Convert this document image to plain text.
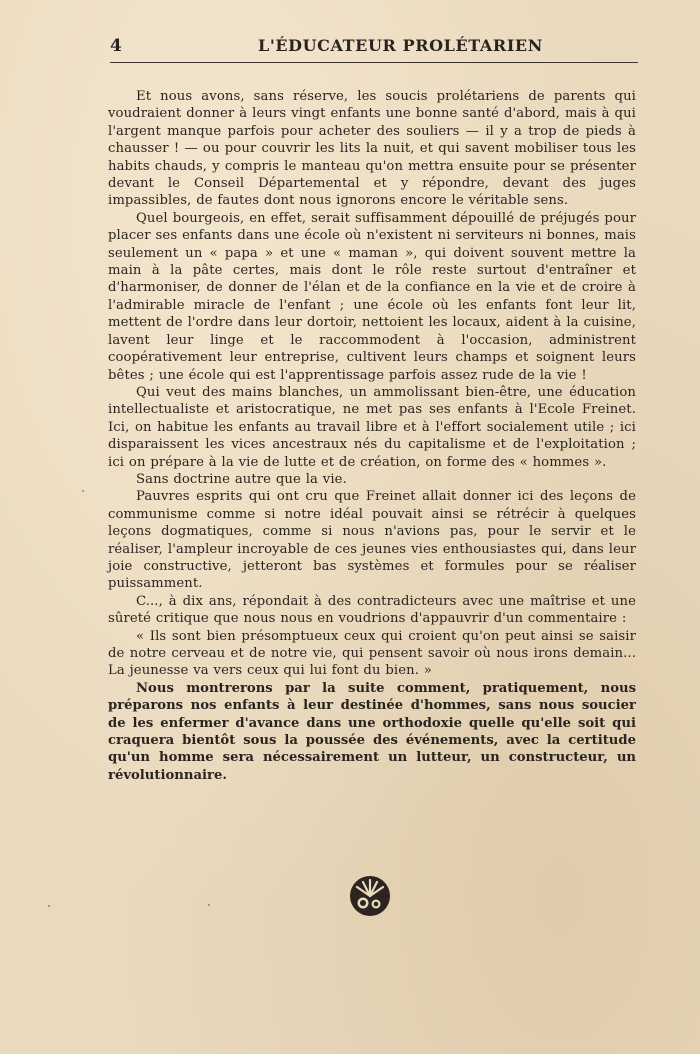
4	L'ÉDUCATEUR PROLÉTARIEN

Et nous avons, sans réserve, les soucis prolétariens de parents qui voudraient donner à leurs vingt enfants une bonne santé d'abord, mais à qui l'argent manque parfois pour acheter des souliers — il y a trop de pieds à chausser ! — ou pour couvrir les lits la nuit, et qui savent mobiliser tous les habits chauds, y compris le manteau qu'on mettra ensuite pour se présenter devant le Conseil Départemental et y répondre, devant des juges impassibles, de fautes dont nous ignorons encore le véritable sens.

Quel bourgeois, en effet, serait suffisamment dépouillé de préjugés pour placer ses enfants dans une école où n'existent ni serviteurs ni bonnes, mais seulement un « papa » et une « maman », qui doivent souvent mettre la main à la pâte certes, mais dont le rôle reste surtout d'entraîner et d'harmoniser, de donner de l'élan et de la confiance en la vie et de croire à l'admirable miracle de l'enfant ; une école où les enfants font leur lit, mettent de l'ordre dans leur dortoir, nettoient les locaux, aident à la cuisine, lavent leur linge et le raccommodent à l'occasion, administrent coopérativement leur entreprise, cultivent leurs champs et soignent leurs bêtes ; une école qui est l'apprentissage parfois assez rude de la vie !

Qui veut des mains blanches, un ammolissant bien-être, une éducation intellectualiste et aristocratique, ne met pas ses enfants à l'Ecole Freinet. Ici, on habitue les enfants au travail libre et à l'effort socialement utile ; ici disparaissent les vices ancestraux nés du capitalisme et de l'exploitation ; ici on prépare à la vie de lutte et de création, on forme des « hommes ».

Sans doctrine autre que la vie.

Pauvres esprits qui ont cru que Freinet allait donner ici des leçons de communisme comme si notre idéal pouvait ainsi se rétrécir à quelques leçons dogmatiques, comme si nous n'avions pas, pour le servir et le réaliser, l'ampleur incroyable de ces jeunes vies enthousiastes qui, dans leur joie constructive, jetteront bas systèmes et formules pour se réaliser puissamment.

C..., à dix ans, répondait à des contradicteurs avec une maîtrise et une sûreté critique que nous nous en voudrions d'appauvrir d'un commentaire :

« Ils sont bien présomptueux ceux qui croient qu'on peut ainsi se saisir de notre cerveau et de notre vie, qui pensent savoir où nous irons demain... La jeunesse va vers ceux qui lui font du bien. »

Nous montrerons par la suite comment, pratiquement, nous préparons nos enfants à leur destinée d'hommes, sans nous soucier de les enfermer d'avance dans une orthodoxie quelle qu'elle soit qui craquera bientôt sous la poussée des événements, avec la certitude qu'un homme sera nécessairement un lutteur, un constructeur, un révolutionnaire.
